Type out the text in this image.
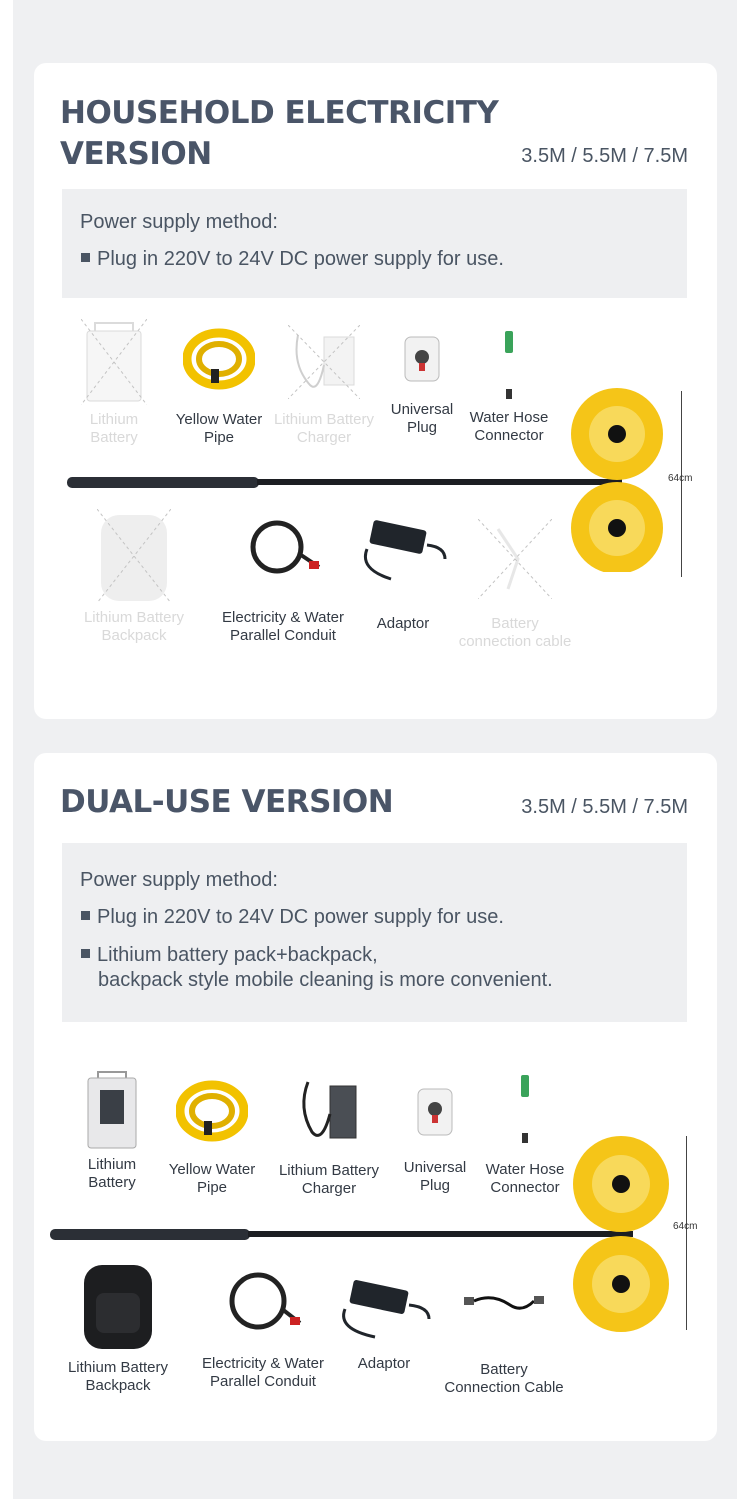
HOUSEHOLD ELECTRICITY
VERSION	3.5M / 5.5M / 7.5M
Power supply method:
Plug in 220V to 24V DC power supply for use.
Lithium
Battery
Yellow Water
Pipe
Lithium Battery
Charger
Universal
Plug
Water Hose
Connector
64cm
Lithium Battery
Backpack
Electricity & Water
Parallel Conduit
Adaptor	Battery
connection cable
DUAL-USE VERSION	3.5M / 5.5M / 7.5M
Power supply method:
Plug in 220V to 24V DC power supply for use.
Lithium battery pack+backpack,
backpack style mobile cleaning is more convenient.
Lithium
Battery
Yellow Water
Pipe
Lithium Battery
Charger
Universal
Plug
Water Hose
Connector
64cm
Lithium Battery
Backpack
Electricity & Water
Parallel Conduit
Adaptor	Battery
Connection Cable
